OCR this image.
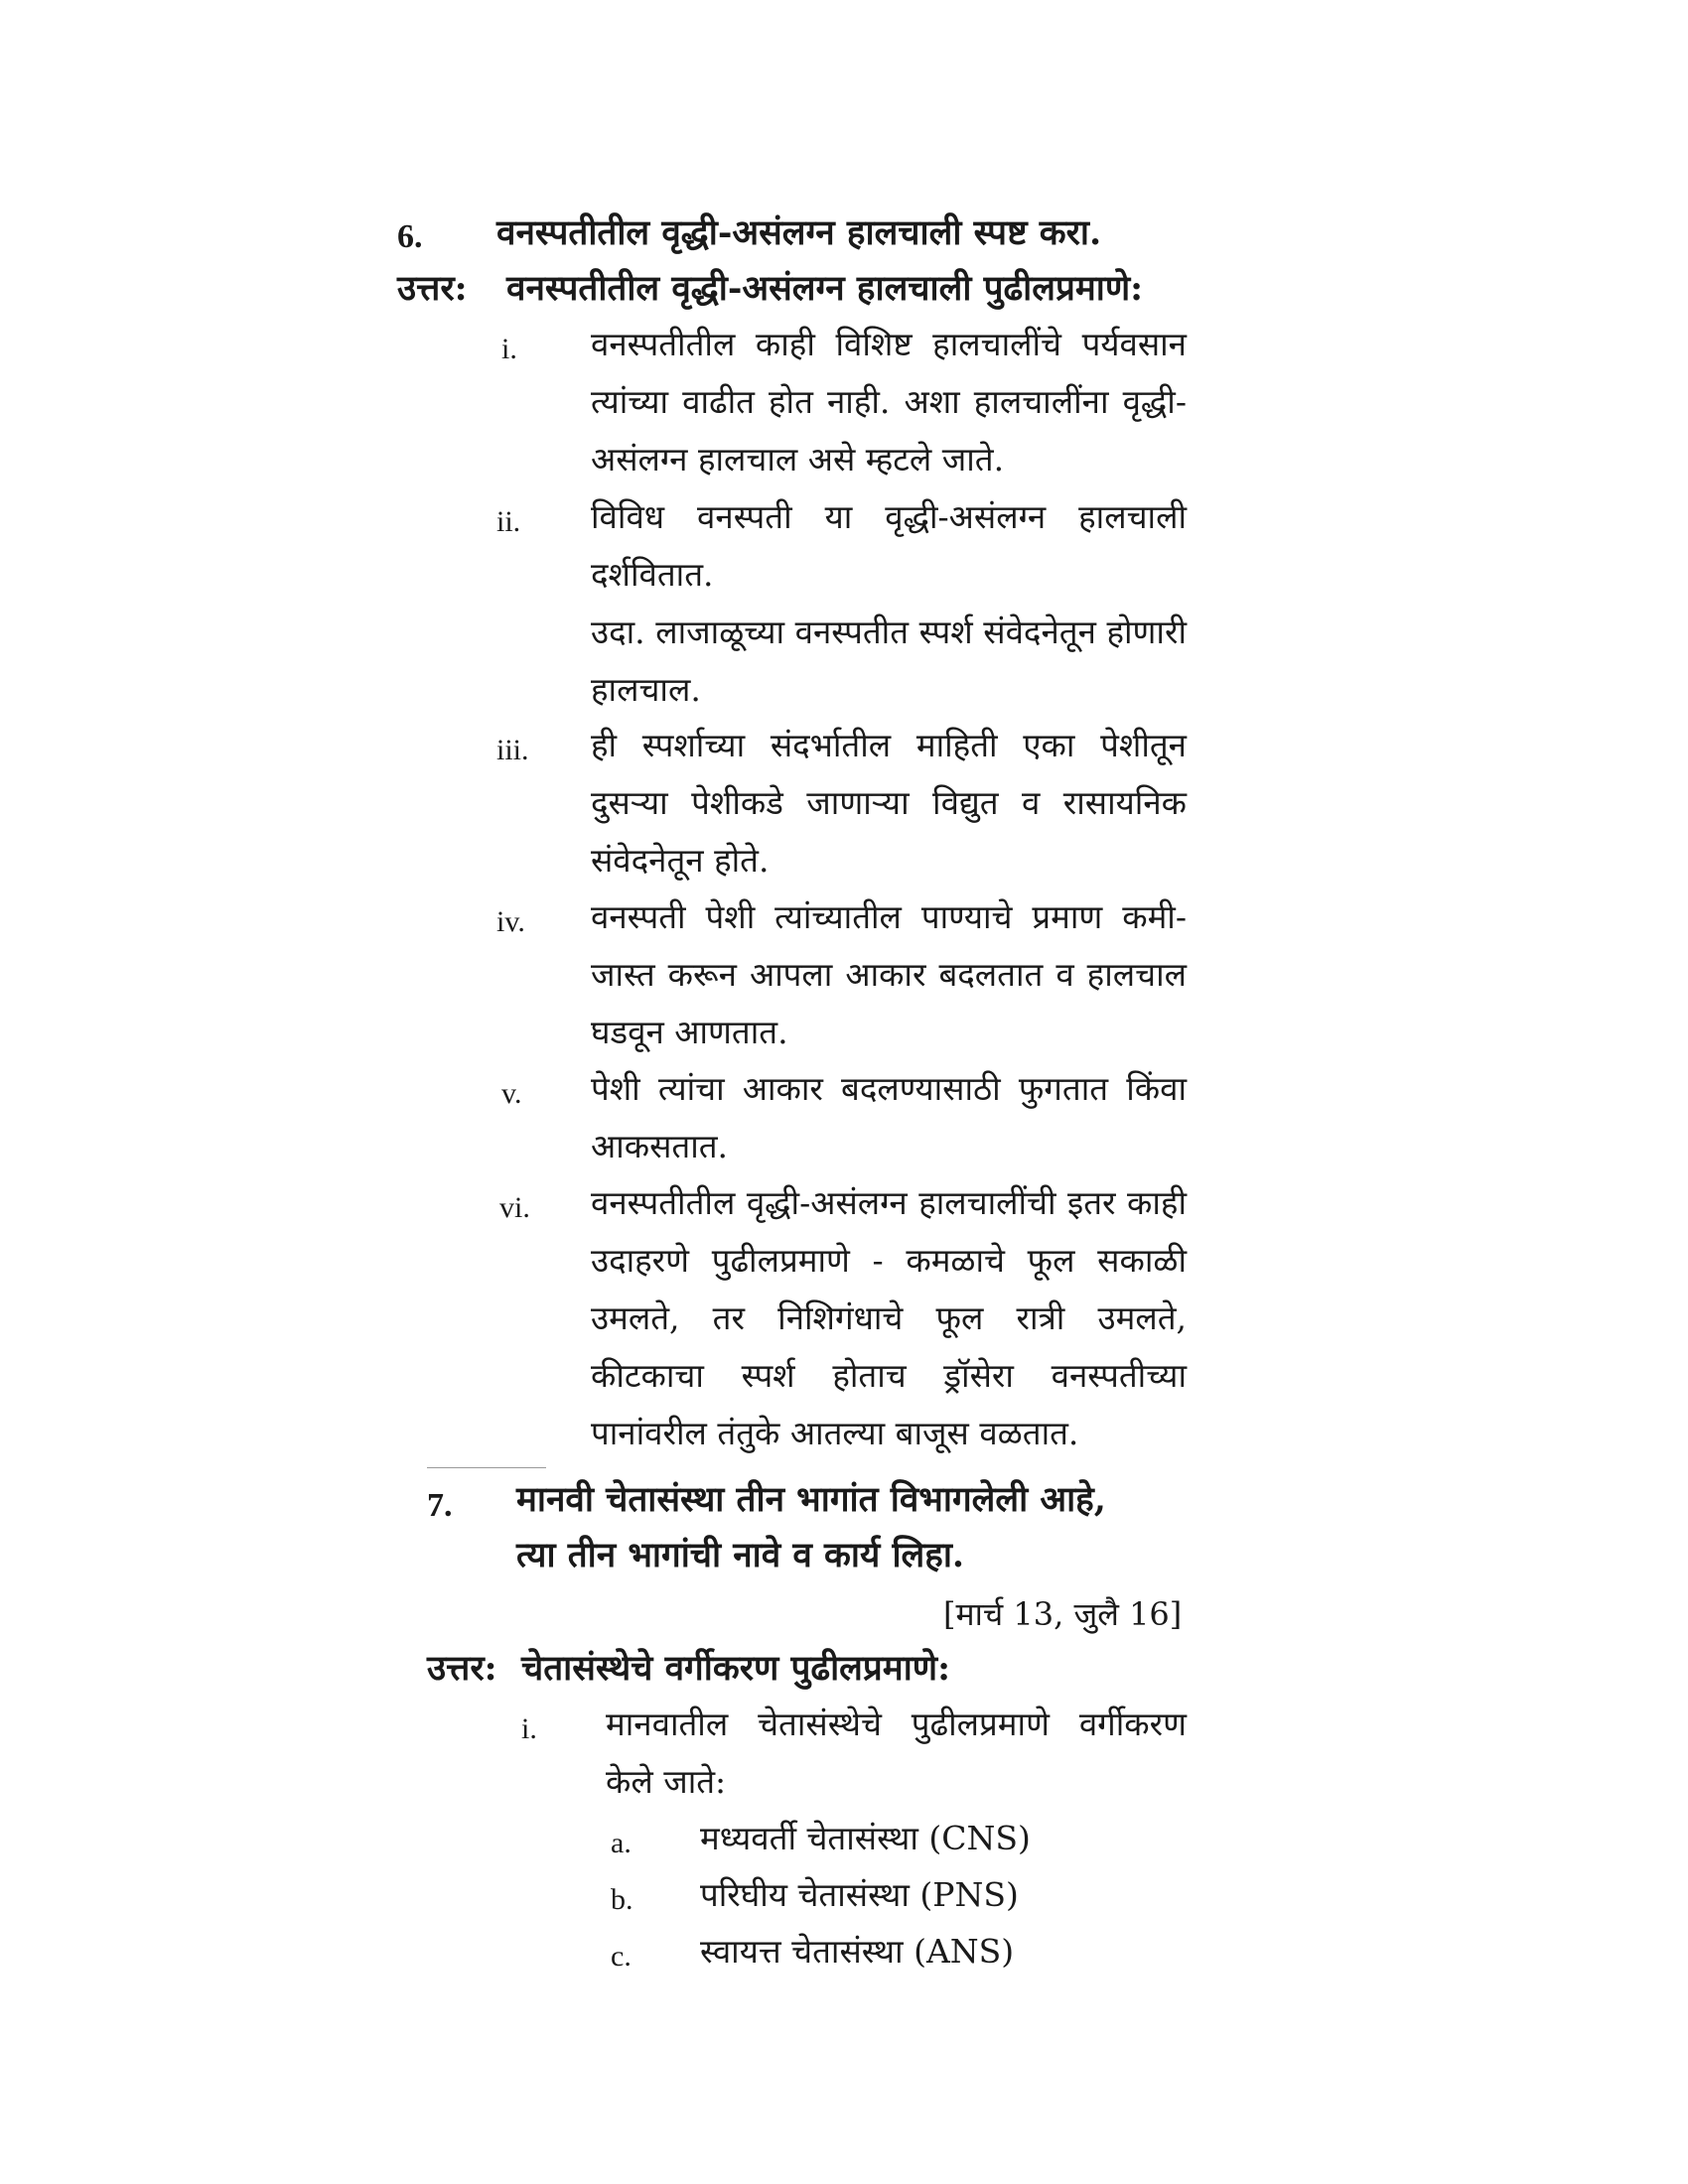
6. वनस्पतीतील वृद्धी-असंलग्न हालचाली स्पष्ट करा.
उत्तर: वनस्पतीतील वृद्धी-असंलग्न हालचाली पुढीलप्रमाणे:
i. वनस्पतीतील काही विशिष्ट हालचालींचे पर्यवसान त्यांच्या वाढीत होत नाही. अशा हालचालींना वृद्धी-असंलग्न हालचाल असे म्हटले जाते.
ii. विविध वनस्पती या वृद्धी-असंलग्न हालचाली दर्शवितात.
उदा. लाजाळूच्या वनस्पतीत स्पर्श संवेदनेतून होणारी हालचाल.
iii. ही स्पर्शाच्या संदर्भातील माहिती एका पेशीतून दुसऱ्या पेशीकडे जाणाऱ्या विद्युत व रासायनिक संवेदनेतून होते.
iv. वनस्पती पेशी त्यांच्यातील पाण्याचे प्रमाण कमी-जास्त करून आपला आकार बदलतात व हालचाल घडवून आणतात.
v. पेशी त्यांचा आकार बदलण्यासाठी फुगतात किंवा आकसतात.
vi. वनस्पतीतील वृद्धी-असंलग्न हालचालींची इतर काही उदाहरणे पुढीलप्रमाणे - कमळाचे फूल सकाळी उमलते, तर निशिगंधाचे फूल रात्री उमलते, कीटकाचा स्पर्श होताच ड्रॉसेरा वनस्पतीच्या पानांवरील तंतुके आतल्या बाजूस वळतात.
7. मानवी चेतासंस्था तीन भागांत विभागलेली आहे,
त्या तीन भागांची नावे व कार्य लिहा.
[मार्च 13, जुलै 16]
उत्तर: चेतासंस्थेचे वर्गीकरण पुढीलप्रमाणे:
i. मानवातील चेतासंस्थेचे पुढीलप्रमाणे वर्गीकरण केले जाते:
a. मध्यवर्ती चेतासंस्था (CNS)
b. परिघीय चेतासंस्था (PNS)
c. स्वायत्त चेतासंस्था (ANS)
